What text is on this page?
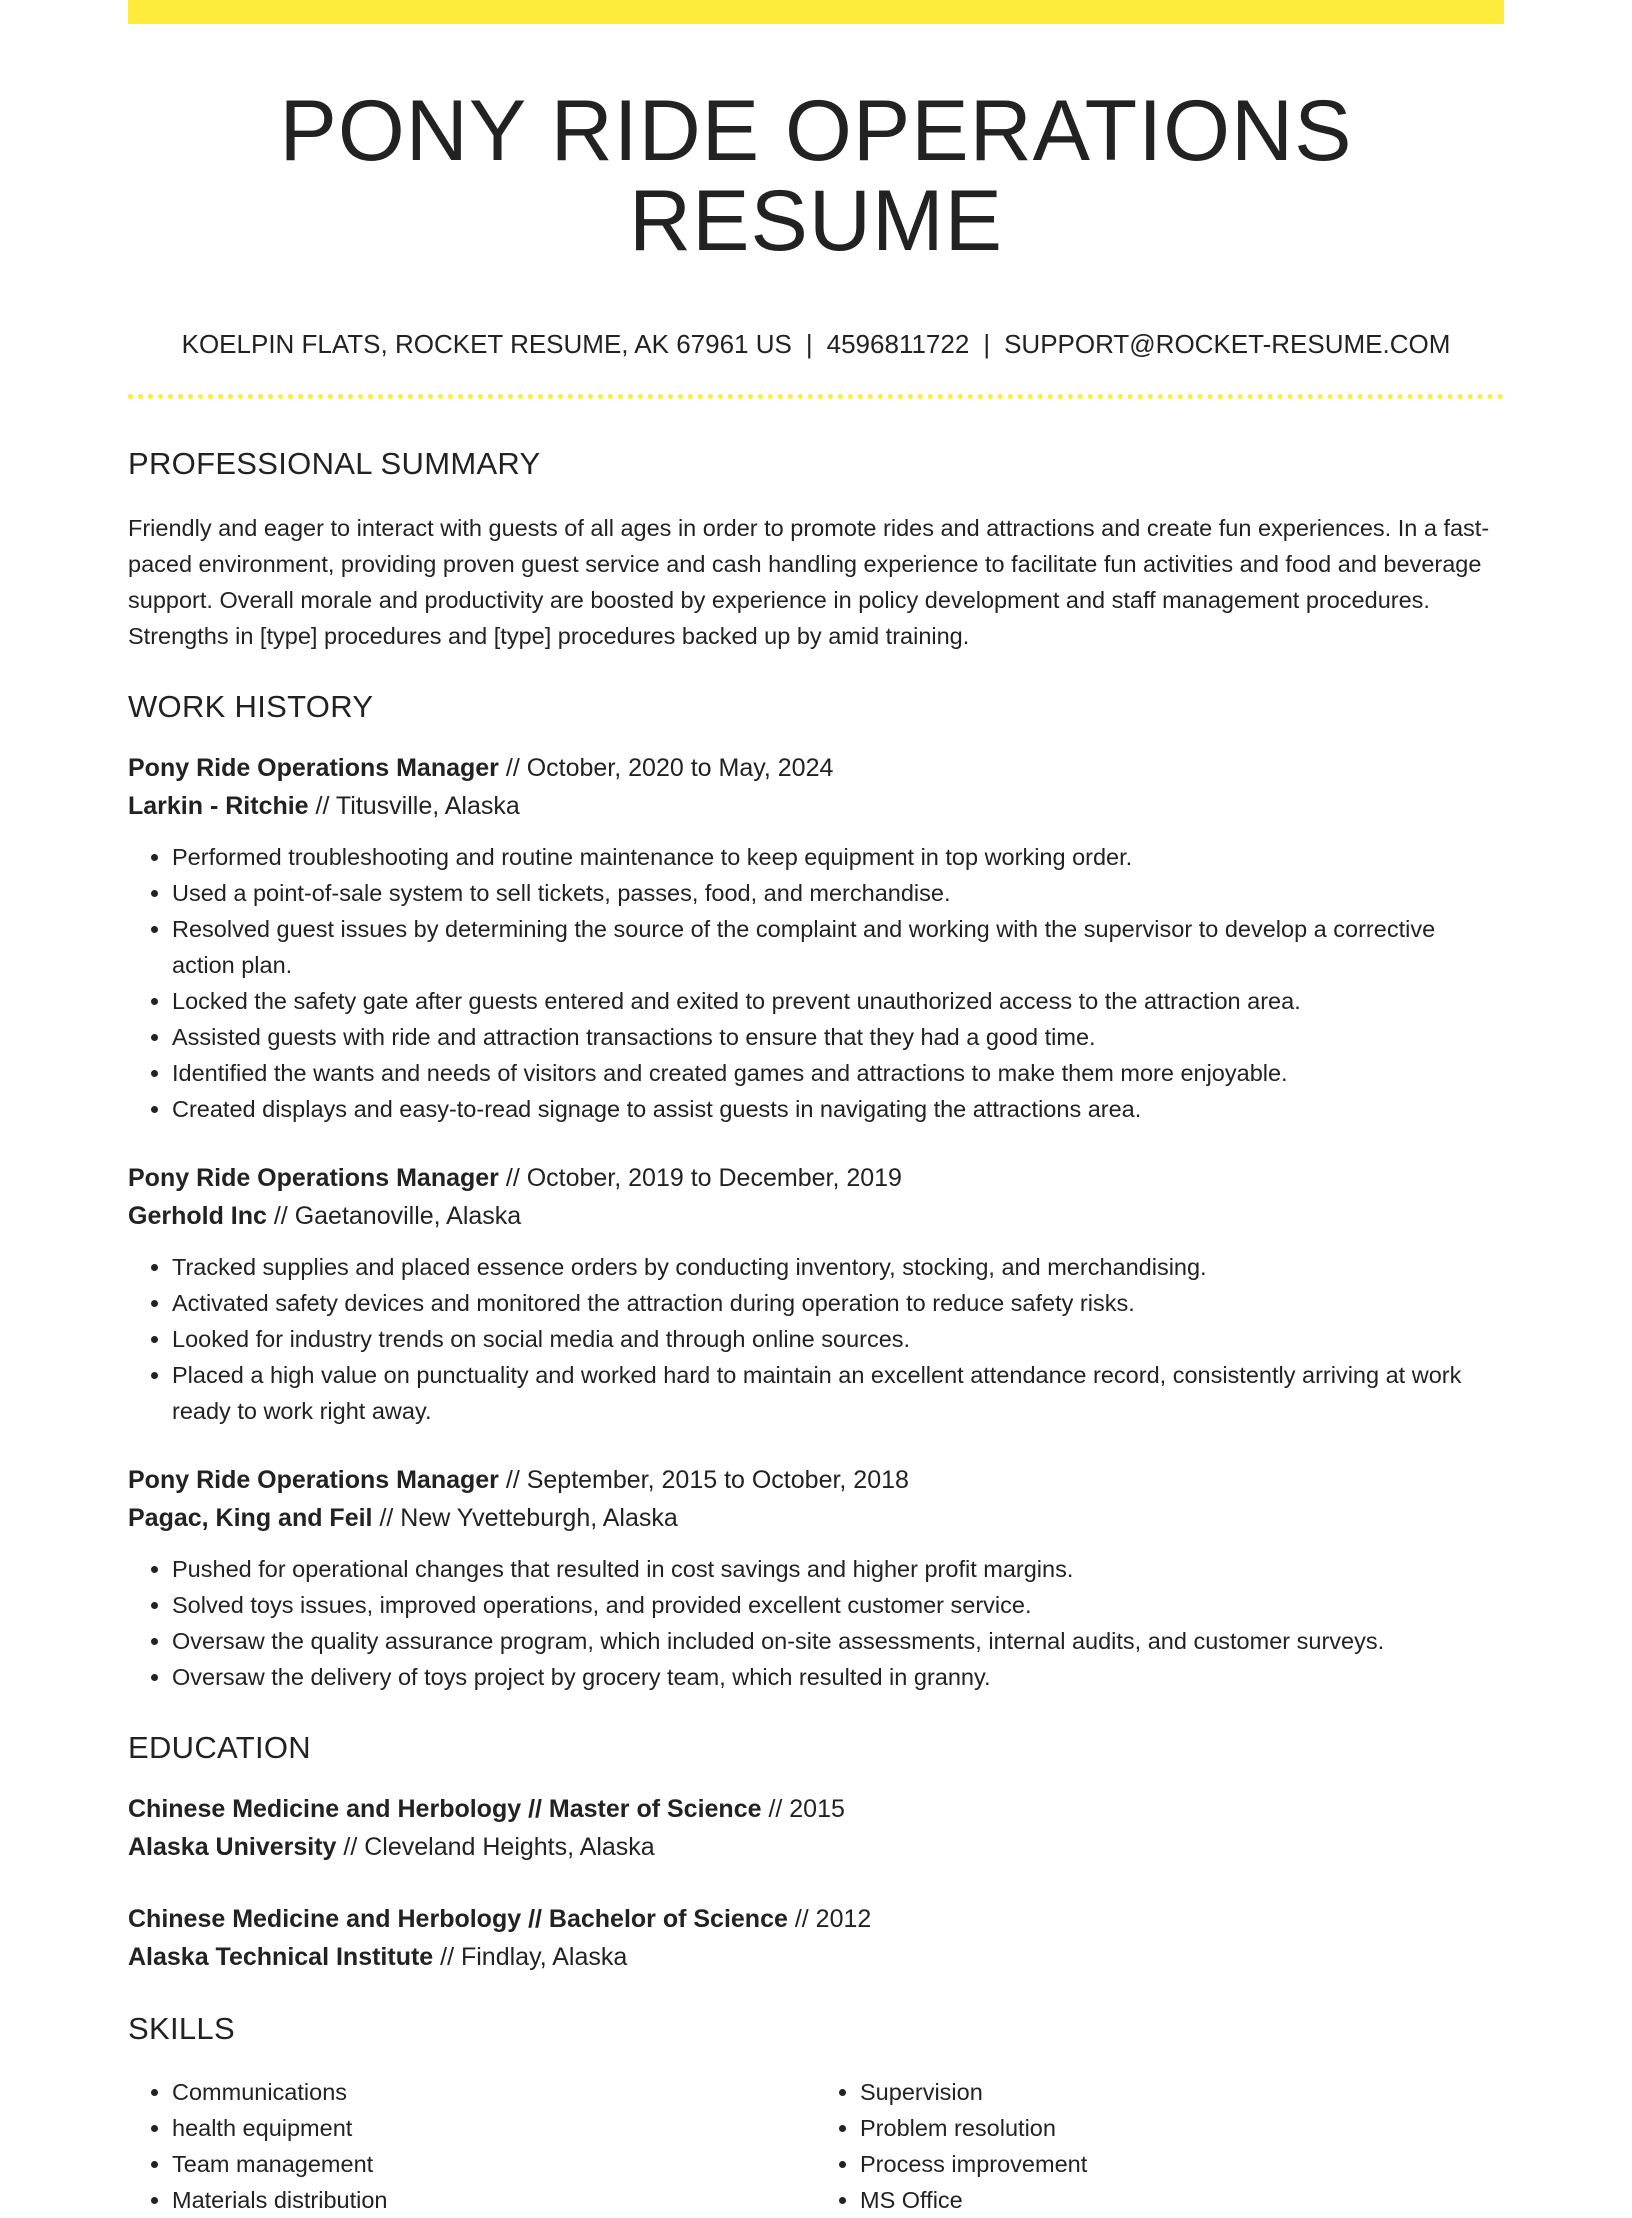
PONY RIDE OPERATIONS RESUME
KOELPIN FLATS, ROCKET RESUME, AK 67961 US | 4596811722 | SUPPORT@ROCKET-RESUME.COM
PROFESSIONAL SUMMARY

Friendly and eager to interact with guests of all ages in order to promote rides and attractions and create fun experiences. In a fast-paced environment, providing proven guest service and cash handling experience to facilitate fun activities and food and beverage support. Overall morale and productivity are boosted by experience in policy development and staff management procedures. Strengths in [type] procedures and [type] procedures backed up by amid training.

WORK HISTORY
Pony Ride Operations Manager // October, 2020 to May, 2024
Larkin - Ritchie // Titusville, Alaska
• Performed troubleshooting and routine maintenance to keep equipment in top working order.
• Used a point-of-sale system to sell tickets, passes, food, and merchandise.
• Resolved guest issues by determining the source of the complaint and working with the supervisor to develop a corrective action plan.
• Locked the safety gate after guests entered and exited to prevent unauthorized access to the attraction area.
• Assisted guests with ride and attraction transactions to ensure that they had a good time.
• Identified the wants and needs of visitors and created games and attractions to make them more enjoyable.
• Created displays and easy-to-read signage to assist guests in navigating the attractions area.
Pony Ride Operations Manager // October, 2019 to December, 2019
Gerhold Inc // Gaetanoville, Alaska
• Tracked supplies and placed essence orders by conducting inventory, stocking, and merchandising.
• Activated safety devices and monitored the attraction during operation to reduce safety risks.
• Looked for industry trends on social media and through online sources.
• Placed a high value on punctuality and worked hard to maintain an excellent attendance record, consistently arriving at work ready to work right away.
Pony Ride Operations Manager // September, 2015 to October, 2018
Pagac, King and Feil // New Yvetteburgh, Alaska
• Pushed for operational changes that resulted in cost savings and higher profit margins.
• Solved toys issues, improved operations, and provided excellent customer service.
• Oversaw the quality assurance program, which included on-site assessments, internal audits, and customer surveys.
• Oversaw the delivery of toys project by grocery team, which resulted in granny.
EDUCATION
Chinese Medicine and Herbology // Master of Science // 2015
Alaska University // Cleveland Heights, Alaska
Chinese Medicine and Herbology // Bachelor of Science // 2012
Alaska Technical Institute // Findlay, Alaska
SKILLS
• Communications
• health equipment
• Team management
• Materials distribution
• Supervision
• Problem resolution
• Process improvement
• MS Office
